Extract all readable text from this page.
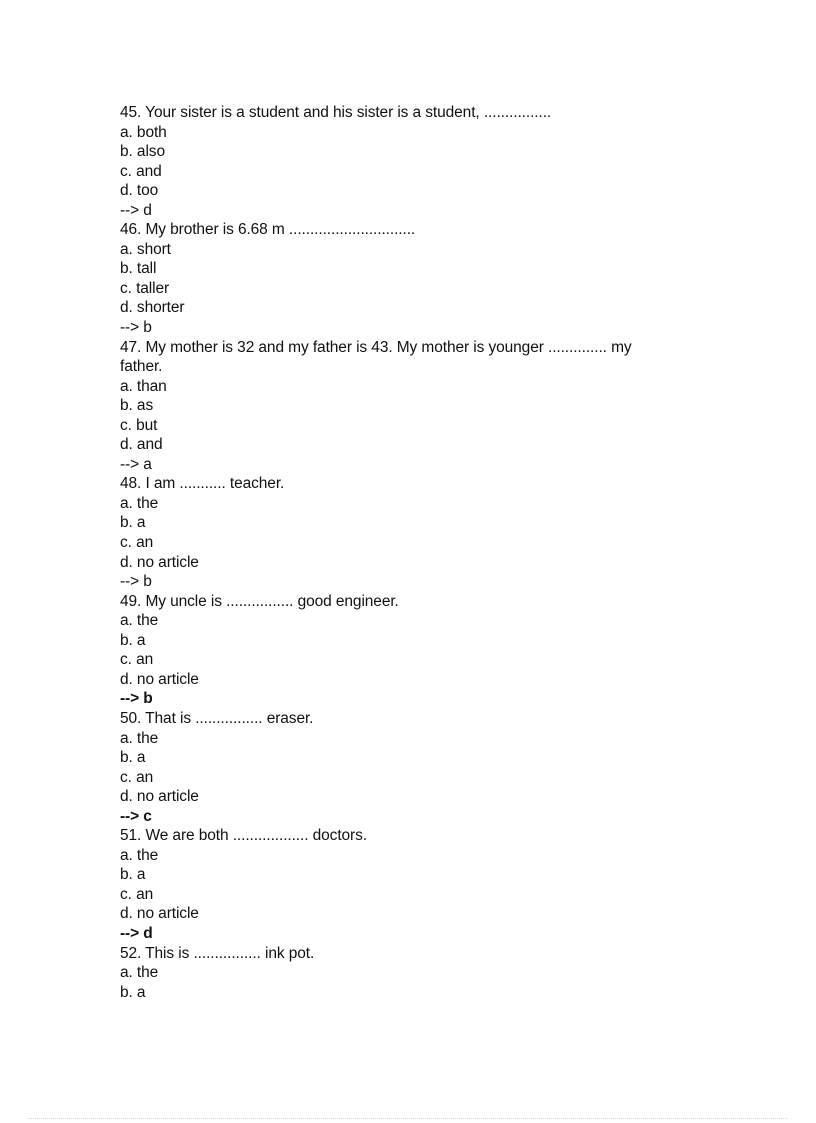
45. Your sister is a student and his sister is a student, ................
a. both
b. also
c. and
d. too
--> d
46. My brother is 6.68 m ..............................
a. short
b. tall
c. taller
d. shorter
--> b
47. My mother is 32 and my father is 43. My mother is younger .............. my father.
a. than
b. as
c. but
d. and
--> a
48. I am ........... teacher.
a. the
b. a
c. an
d. no article
--> b
49. My uncle is ................ good engineer.
a. the
b. a
c. an
d. no article
--> b
50. That is ................ eraser.
a. the
b. a
c. an
d. no article
--> c
51. We are both .................. doctors.
a. the
b. a
c. an
d. no article
--> d
52. This is ................ ink pot.
a. the
b. a
